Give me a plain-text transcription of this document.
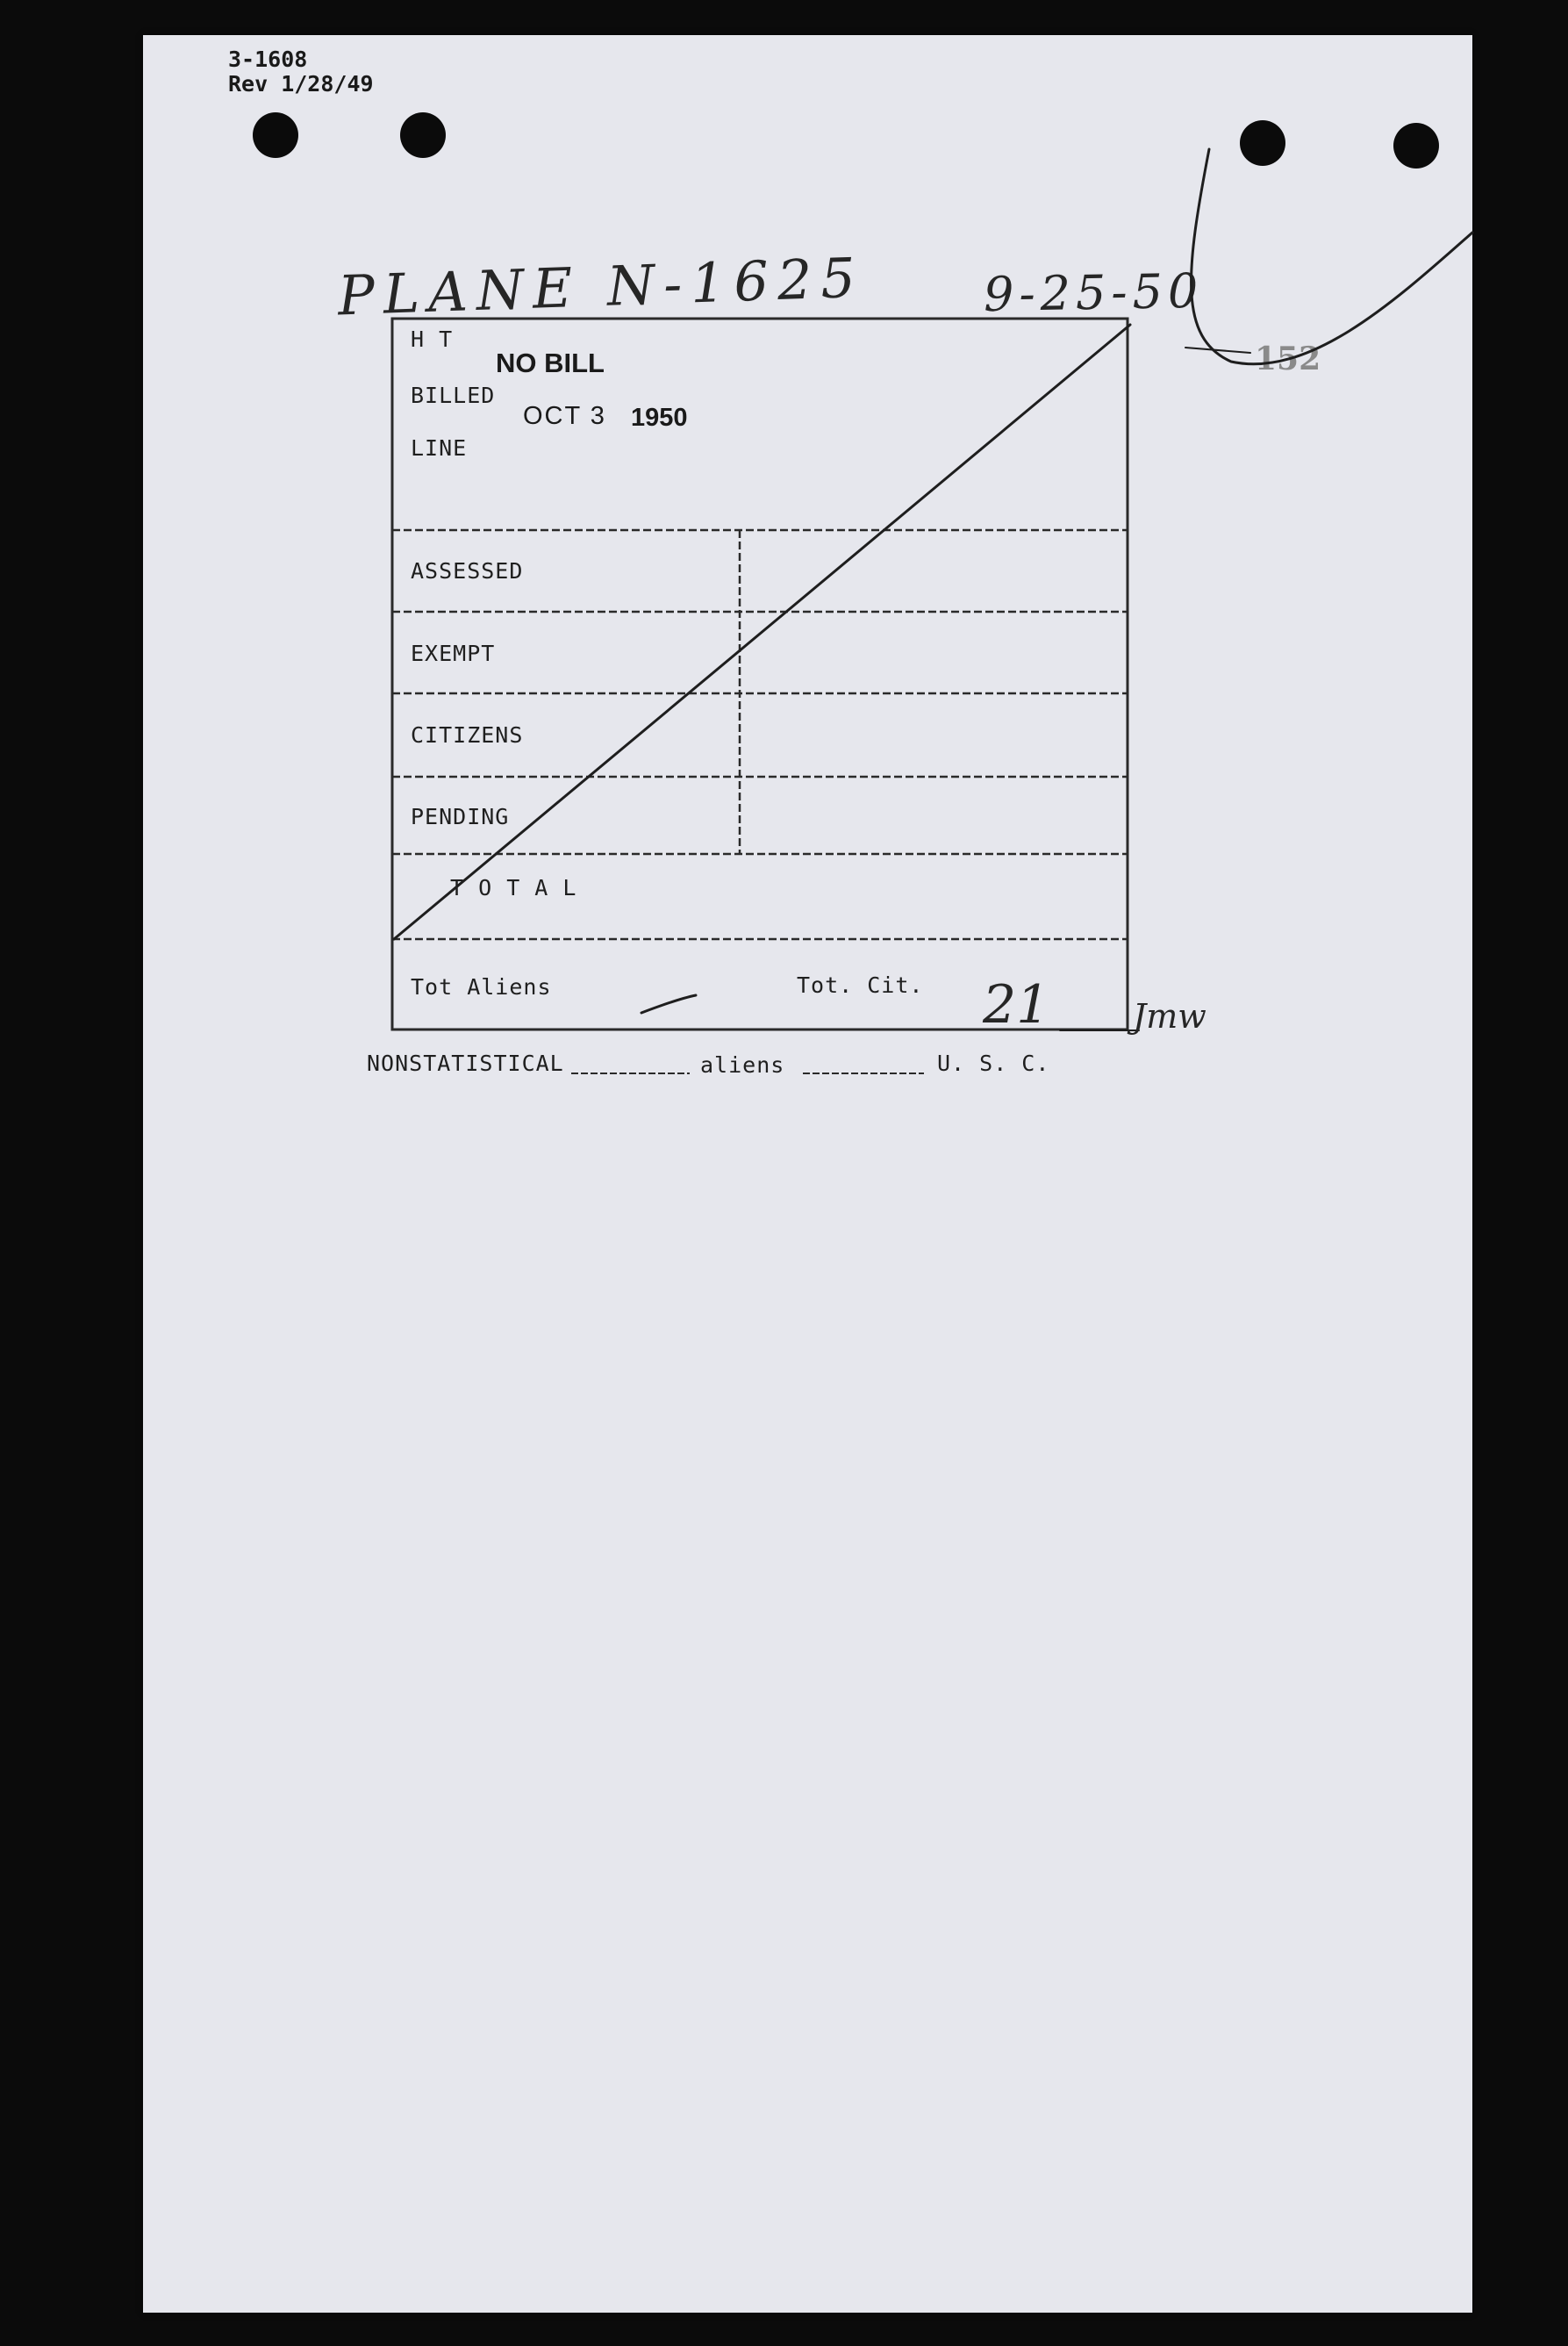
3-1608
Rev 1/28/49
PLANE N-1625 9-25-50
152
H T
BILLED
LINE
NO BILL
OCT 3 1950
ASSESSED
EXEMPT
CITIZENS
PENDING
T O T A L
Tot Aliens	Tot. Cit. 21 Jmw
NONSTATISTICAL	aliens	U. S. C.
